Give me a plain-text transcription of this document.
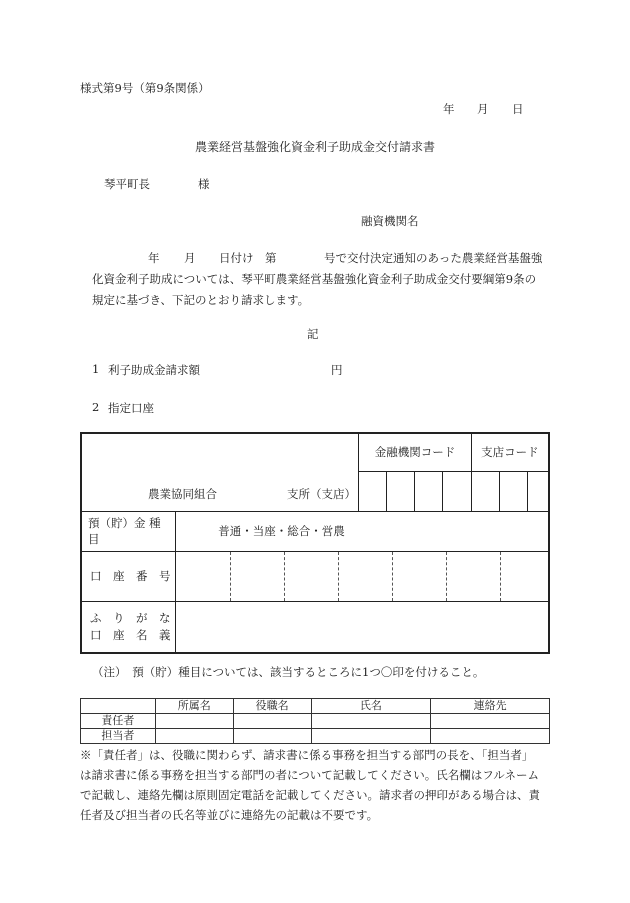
様式第9号（第9条関係）
年 月 日
農業経営基盤強化資金利子助成金交付請求書
琴平町長	様
融資機関名
年 月 日付け 第	号で交付決定通知のあった農業経営基盤強
化資金利子助成については、琴平町農業経営基盤強化資金利子助成金交付要綱第9条の
規定に基づき、下記のとおり請求します。
記
1 利子助成金請求額	円
2 指定口座
農業協同組合 支所（支店）		金融機関コード				支店コード		

預（貯）金 種 目	普通・当座・総合・営農							
口　座　番　号								

ふ　り　が　な
口　座　名　義								

（注）　預（貯）種目については、該当するところに1つ〇印を付けること。
	所属名	役職名	氏名	連絡先
責任者				
担当者				
※「責任者」は、役職に関わらず、請求書に係る事務を担当する部門の長を、「担当者」
は請求書に係る事務を担当する部門の者について記載してください。氏名欄はフルネーム
で記載し、連絡先欄は原則固定電話を記載してください。請求者の押印がある場合は、責
任者及び担当者の氏名等並びに連絡先の記載は不要です。
